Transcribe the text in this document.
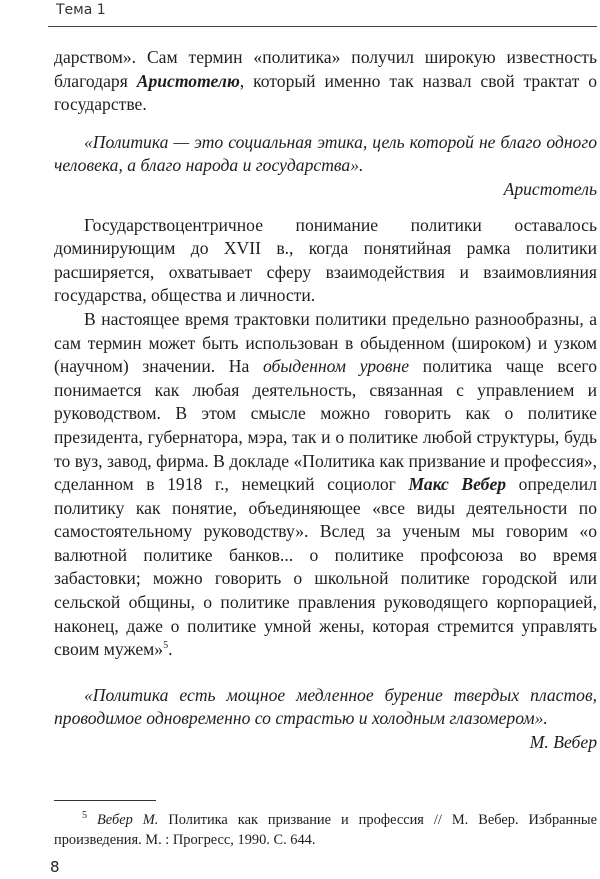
Тема 1

дарством». Сам термин «политика» получил широкую известность благодаря Аристотелю, который именно так назвал свой трактат о государстве.

«Политика — это социальная этика, цель которой не благо одного человека, а благо народа и государства».

Аристотель

Государствоцентричное понимание политики оставалось доминирующим до XVII в., когда понятийная рамка политики расширяется, охватывает сферу взаимодействия и взаимовлияния государства, общества и личности.

В настоящее время трактовки политики предельно разнообразны, а сам термин может быть использован в обыденном (широком) и узком (научном) значении. На обыденном уровне политика чаще всего понимается как любая деятельность, связанная с управлением и руководством. В этом смысле можно говорить как о политике президента, губернатора, мэра, так и о политике любой структуры, будь то вуз, завод, фирма. В докладе «Политика как призвание и профессия», сделанном в 1918 г., немецкий социолог Макс Вебер определил политику как понятие, объединяющее «все виды деятельности по самостоятельному руководству». Вслед за ученым мы говорим «о валютной политике банков... о политике профсоюза во время забастовки; можно говорить о школьной политике городской или сельской общины, о политике правления руководящего корпорацией, наконец, даже о политике умной жены, которая стремится управлять своим мужем»$^5$.

«Политика есть мощное медленное бурение твердых пластов, проводимое одновременно со страстью и холодным глазомером».

М. Вебер

$^5$ Вебер М. Политика как призвание и профессия // М. Вебер. Избранные произведения. М. : Прогресс, 1990. С. 644.
8
